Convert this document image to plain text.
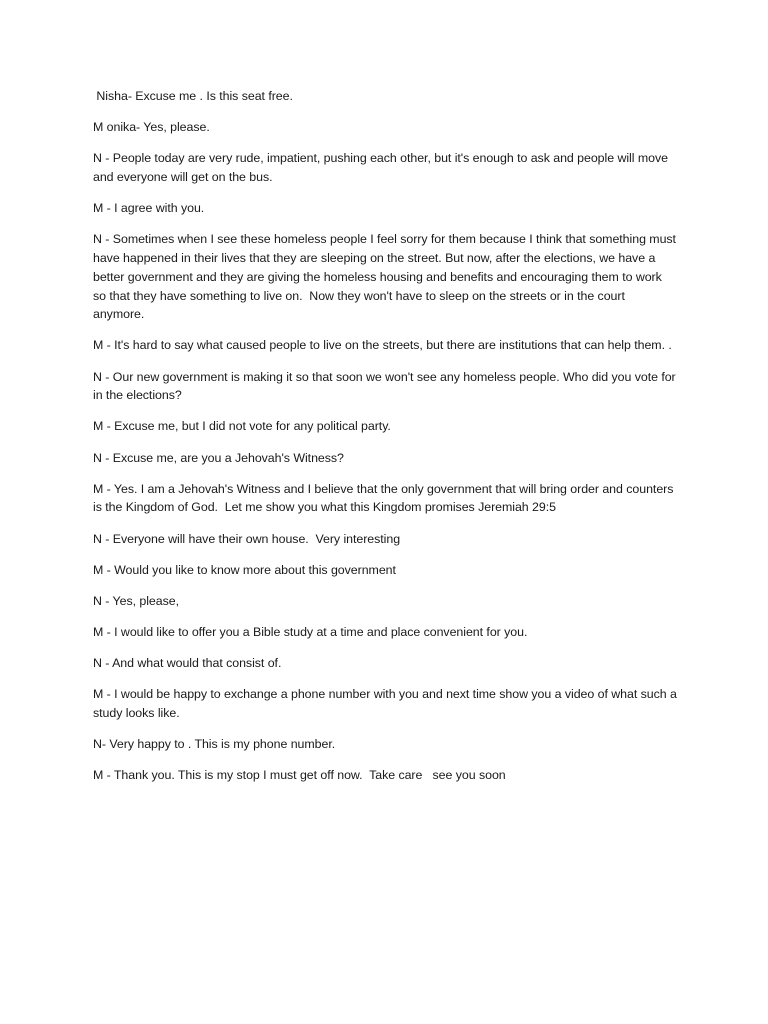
Nisha- Excuse me . Is this seat free.

M onika- Yes, please.

N - People today are very rude, impatient, pushing each other, but it's enough to ask and people will move and everyone will get on the bus.

M - I agree with you.

N - Sometimes when I see these homeless people I feel sorry for them because I think that something must have happened in their lives that they are sleeping on the street. But now, after the elections, we have a better government and they are giving the homeless housing and benefits and encouraging them to work so that they have something to live on.  Now they won't have to sleep on the streets or in the court anymore.

M - It's hard to say what caused people to live on the streets, but there are institutions that can help them. .

N - Our new government is making it so that soon we won't see any homeless people. Who did you vote for in the elections?

M - Excuse me, but I did not vote for any political party.

N - Excuse me, are you a Jehovah's Witness?

M - Yes. I am a Jehovah's Witness and I believe that the only government that will bring order and counters is the Kingdom of God.  Let me show you what this Kingdom promises Jeremiah 29:5

N - Everyone will have their own house.  Very interesting

M - Would you like to know more about this government

N - Yes, please,

M - I would like to offer you a Bible study at a time and place convenient for you.

N - And what would that consist of.

M - I would be happy to exchange a phone number with you and next time show you a video of what such a study looks like.

N- Very happy to . This is my phone number.

M - Thank you. This is my stop I must get off now.  Take care   see you soon
